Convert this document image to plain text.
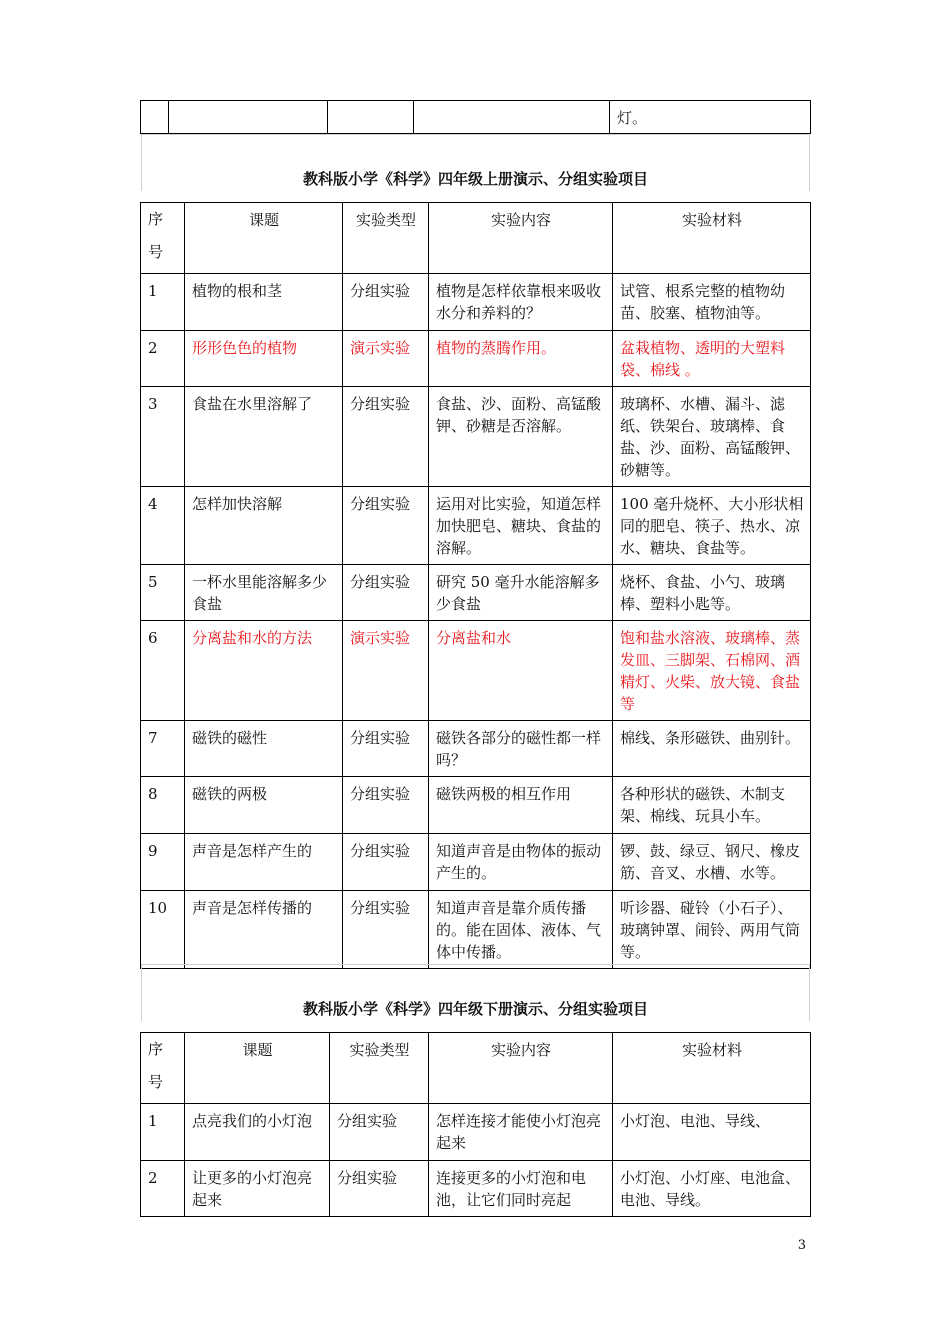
				灯。
教科版小学《科学》四年级上册演示、分组实验项目
序
号	课题	实验类型	实验内容	实验材料
1	植物的根和茎	分组实验	植物是怎样依靠根来吸收水分和养料的？	试管、根系完整的植物幼苗、胶塞、植物油等。
2	形形色色的植物	演示实验	植物的蒸腾作用。	盆栽植物、透明的大塑料袋、棉线 。
3	食盐在水里溶解了	分组实验	食盐、沙、面粉、高锰酸钾、砂糖是否溶解。	玻璃杯、水槽、漏斗、滤纸、铁架台、玻璃棒、食盐、沙、面粉、高锰酸钾、砂糖等。
4	怎样加快溶解	分组实验	运用对比实验，知道怎样加快肥皂、糖块、食盐的溶解。	100 毫升烧杯、大小形状相同的肥皂、筷子、热水、凉水、糖块、食盐等。
5	一杯水里能溶解多少食盐	分组实验	研究 50 毫升水能溶解多少食盐	烧杯、食盐、小勺、玻璃棒、塑料小匙等。
6	分离盐和水的方法	演示实验	分离盐和水	饱和盐水溶液、玻璃棒、蒸发皿、三脚架、石棉网、酒精灯、火柴、放大镜、食盐等
7	磁铁的磁性	分组实验	磁铁各部分的磁性都一样吗？	棉线、条形磁铁、曲别针。
8	磁铁的两极	分组实验	磁铁两极的相互作用	各种形状的磁铁、木制支架、棉线、玩具小车。
9	声音是怎样产生的	分组实验	知道声音是由物体的振动产生的。	锣、鼓、绿豆、钢尺、橡皮筋、音叉、水槽、水等。
10	声音是怎样传播的	分组实验	知道声音是靠介质传播的。能在固体、液体、气体中传播。	听诊器、碰铃（小石子）、玻璃钟罩、闹铃、两用气筒等。
教科版小学《科学》四年级下册演示、分组实验项目
序
号	课题	实验类型	实验内容	实验材料
1	点亮我们的小灯泡	分组实验	怎样连接才能使小灯泡亮起来	小灯泡、电池、导线、
2	让更多的小灯泡亮起来	分组实验	连接更多的小灯泡和电池，让它们同时亮起	小灯泡、小灯座、电池盒、电池、导线。
3
